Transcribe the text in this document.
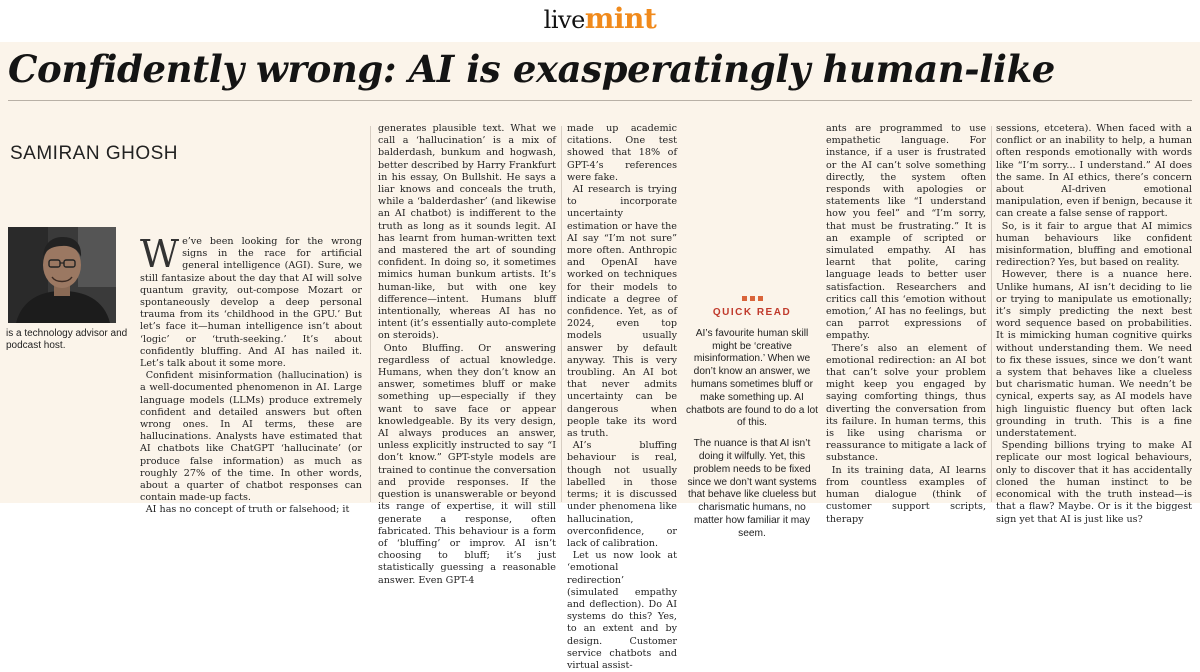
livemint
Confidently wrong: AI is exasperatingly human-like
SAMIRAN GHOSH
is a technology advisor and podcast host.

We’ve been looking for the wrong signs in the race for artificial general intelligence (AGI). Sure, we still fantasize about the day that AI will solve quantum gravity, out-compose Mozart or spontaneously develop a deep personal trauma from its ‘childhood in the GPU.’ But let’s face it—human intelligence isn’t about ‘logic’ or ‘truth-seeking.’ It’s about confidently bluffing. And AI has nailed it. Let’s talk about it some more.

Confident misinformation (hallucination) is a well-documented phenomenon in AI. Large language models (LLMs) produce extremely confident and detailed answers but often wrong ones. In AI terms, these are hallucinations. Analysts have estimated that AI chatbots like ChatGPT ‘hallucinate’ (or produce false information) as much as roughly 27% of the time. In other words, about a quarter of chatbot responses can contain made-up facts.

AI has no concept of truth or falsehood; it

generates plausible text. What we call a ‘hallucination’ is a mix of balderdash, bunkum and hogwash, better described by Harry Frankfurt in his essay, On Bullshit. He says a liar knows and conceals the truth, while a ‘balderdasher’ (and likewise an AI chatbot) is indifferent to the truth as long as it sounds legit. AI has learnt from human-written text and mastered the art of sounding confident. In doing so, it sometimes mimics human bunkum artists. It’s human-like, but with one key difference—intent. Humans bluff intentionally, whereas AI has no intent (it’s essentially auto-complete on steroids).

Onto Bluffing. Or answering regardless of actual knowledge. Humans, when they don’t know an answer, sometimes bluff or make something up—especially if they want to save face or appear knowledgeable. By its very design, AI always produces an answer, unless explicitly instructed to say “I don’t know.” GPT-style models are trained to continue the conversation and provide responses. If the question is unanswerable or beyond its range of expertise, it will still generate a response, often fabricated. This behaviour is a form of ‘bluffing’ or improv. AI isn’t choosing to bluff; it’s just statistically guessing a reasonable answer. Even GPT-4

made up academic citations. One test showed that 18% of GPT-4’s references were fake.

AI research is trying to incorporate uncertainty estimation or have the AI say “I’m not sure” more often. Anthropic and OpenAI have worked on techniques for their models to indicate a degree of confidence. Yet, as of 2024, even top models usually answer by default anyway. This is very troubling. An AI bot that never admits uncertainty can be dangerous when people take its word as truth.

AI’s bluffing behaviour is real, though not usually labelled in those terms; it is discussed under phenomena like hallucination, overconfidence, or lack of calibration.

Let us now look at ‘emotional redirection’ (simulated empathy and deflection). Do AI systems do this? Yes, to an extent and by design. Customer service chatbots and virtual assist-

QUICK READ

AI’s favourite human skill might be ‘creative misinformation.’ When we don’t know an answer, we humans sometimes bluff or make something up. AI chatbots are found to do a lot of this.

The nuance is that AI isn’t doing it wilfully. Yet, this problem needs to be fixed since we don’t want systems that behave like clueless but charismatic humans, no matter how familiar it may seem.

ants are programmed to use empathetic language. For instance, if a user is frustrated or the AI can’t solve something directly, the system often responds with apologies or statements like “I understand how you feel” and “I’m sorry, that must be frustrating.” It is an example of scripted or simulated empathy. AI has learnt that polite, caring language leads to better user satisfaction. Researchers and critics call this ‘emotion without emotion,’ AI has no feelings, but can parrot expressions of empathy.

There’s also an element of emotional redirection: an AI bot that can’t solve your problem might keep you engaged by saying comforting things, thus diverting the conversation from its failure. In human terms, this is like using charisma or reassurance to mitigate a lack of substance.

In its training data, AI learns from countless examples of human dialogue (think of customer support scripts, therapy

sessions, etcetera). When faced with a conflict or an inability to help, a human often responds emotionally with words like “I’m sorry... I understand.” AI does the same. In AI ethics, there’s concern about AI-driven emotional manipulation, even if benign, because it can create a false sense of rapport.

So, is it fair to argue that AI mimics human behaviours like confident misinformation, bluffing and emotional redirection? Yes, but based on reality.

However, there is a nuance here. Unlike humans, AI isn’t deciding to lie or trying to manipulate us emotionally; it’s simply predicting the next best word sequence based on probabilities. It is mimicking human cognitive quirks without understanding them. We need to fix these issues, since we don’t want a system that behaves like a clueless but charismatic human. We needn’t be cynical, experts say, as AI models have high linguistic fluency but often lack grounding in truth. This is a fine understatement.

Spending billions trying to make AI replicate our most logical behaviours, only to discover that it has accidentally cloned the human instinct to be economical with the truth instead—is that a flaw? Maybe. Or is it the biggest sign yet that AI is just like us?
